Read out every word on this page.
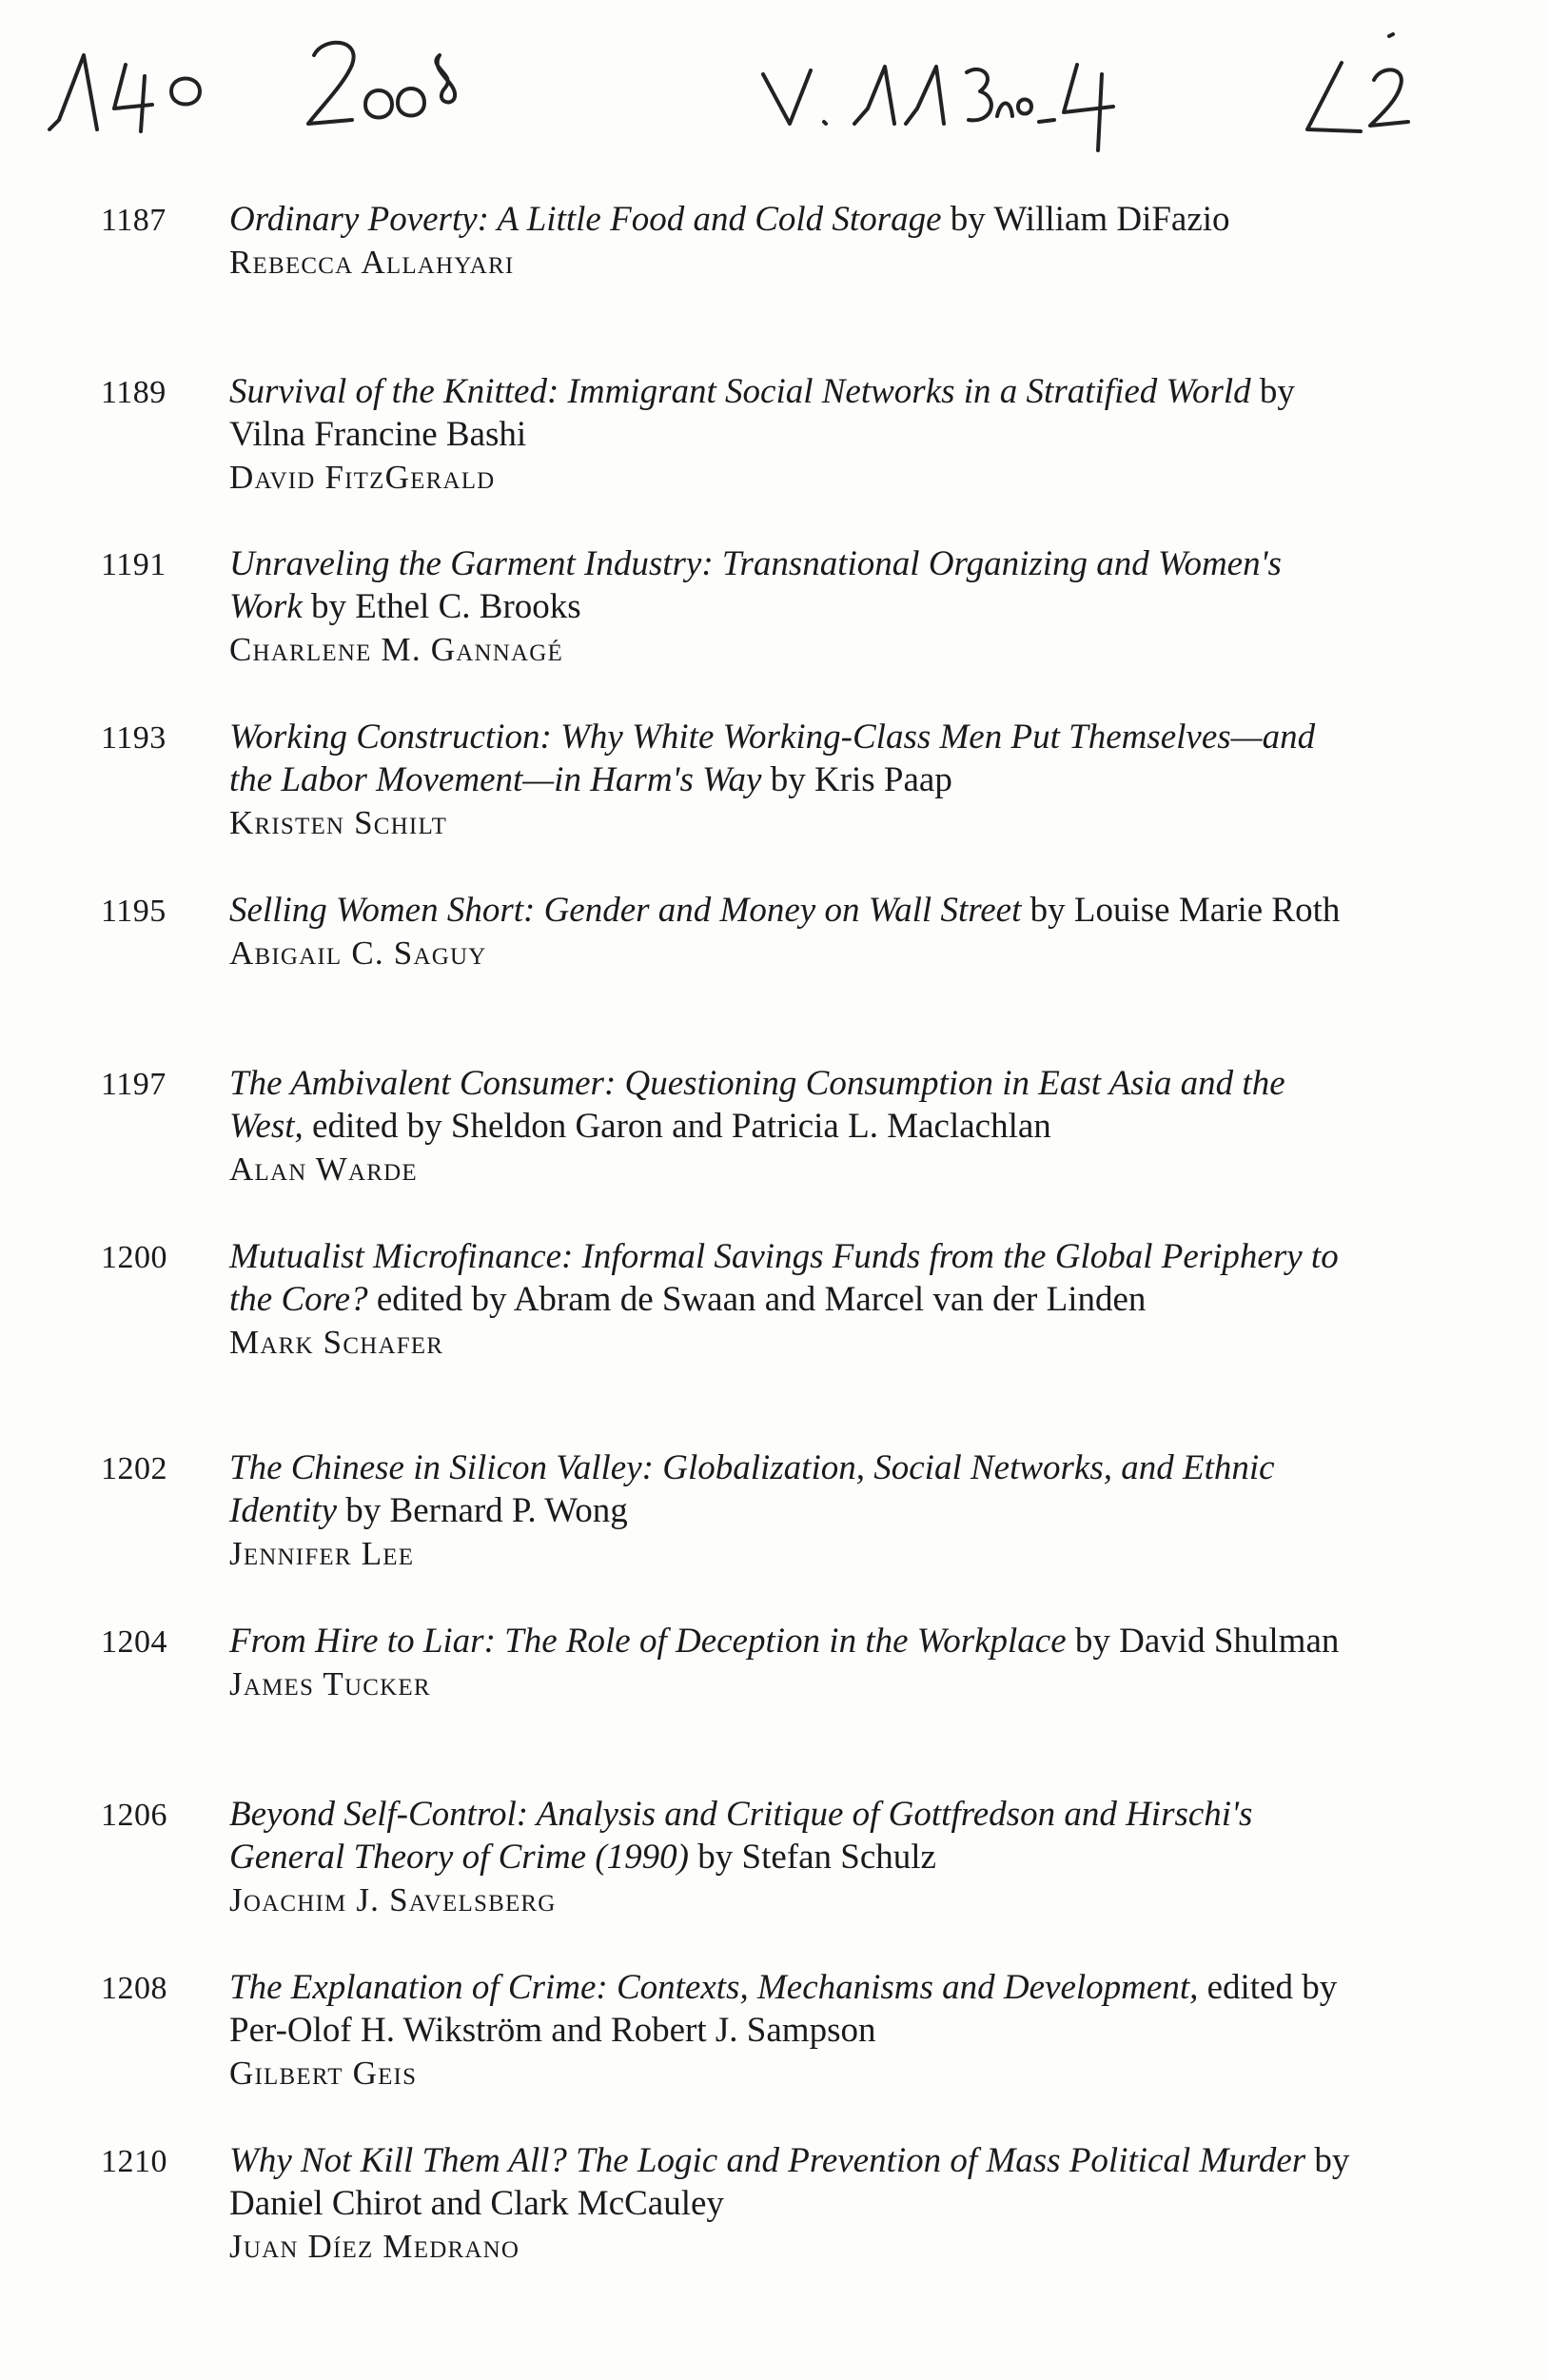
1187	Ordinary Poverty: A Little Food and Cold Storage by William DiFazio
Rebecca Allahyari
1189	Survival of the Knitted: Immigrant Social Networks in a Stratified World by Vilna Francine Bashi
David FitzGerald
1191	Unraveling the Garment Industry: Transnational Organizing and Women's Work by Ethel C. Brooks
Charlene M. Gannagé
1193	Working Construction: Why White Working-Class Men Put Themselves—and the Labor Movement—in Harm's Way by Kris Paap
Kristen Schilt
1195	Selling Women Short: Gender and Money on Wall Street by Louise Marie Roth
Abigail C. Saguy
1197	The Ambivalent Consumer: Questioning Consumption in East Asia and the West, edited by Sheldon Garon and Patricia L. Maclachlan
Alan Warde
1200	Mutualist Microfinance: Informal Savings Funds from the Global Periphery to the Core? edited by Abram de Swaan and Marcel van der Linden
Mark Schafer
1202	The Chinese in Silicon Valley: Globalization, Social Networks, and Ethnic Identity by Bernard P. Wong
Jennifer Lee
1204	From Hire to Liar: The Role of Deception in the Workplace by David Shulman
James Tucker
1206	Beyond Self-Control: Analysis and Critique of Gottfredson and Hirschi's General Theory of Crime (1990) by Stefan Schulz
Joachim J. Savelsberg
1208	The Explanation of Crime: Contexts, Mechanisms and Development, edited by Per-Olof H. Wikström and Robert J. Sampson
Gilbert Geis
1210	Why Not Kill Them All? The Logic and Prevention of Mass Political Murder by Daniel Chirot and Clark McCauley
Juan Díez Medrano
